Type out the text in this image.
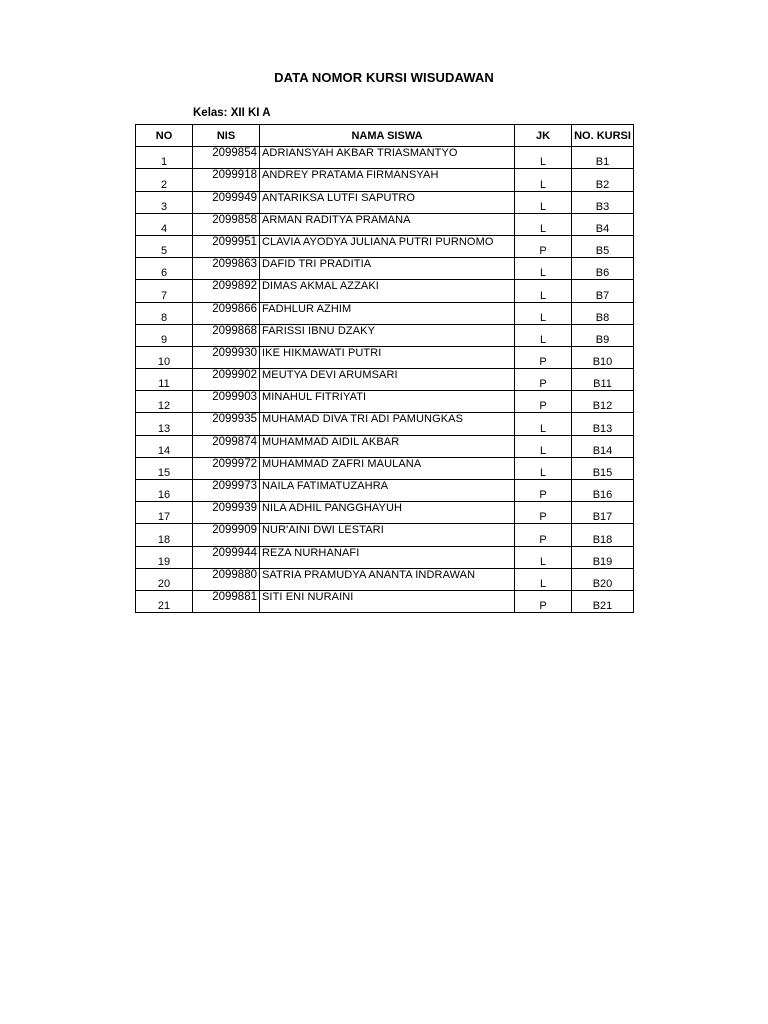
DATA NOMOR KURSI WISUDAWAN
Kelas: XII KI A
NO	NIS	NAMA SISWA	JK	NO. KURSI
1	2099854	ADRIANSYAH AKBAR TRIASMANTYO	L	B1
2	2099918	ANDREY PRATAMA FIRMANSYAH	L	B2
3	2099949	ANTARIKSA LUTFI SAPUTRO	L	B3
4	2099858	ARMAN RADITYA PRAMANA	L	B4
5	2099951	CLAVIA AYODYA JULIANA PUTRI PURNOMO	P	B5
6	2099863	DAFID TRI PRADITIA	L	B6
7	2099892	DIMAS AKMAL AZZAKI	L	B7
8	2099866	FADHLUR AZHIM	L	B8
9	2099868	FARISSI IBNU DZAKY	L	B9
10	2099930	IKE HIKMAWATI PUTRI	P	B10
11	2099902	MEUTYA DEVI ARUMSARI	P	B11
12	2099903	MINAHUL FITRIYATI	P	B12
13	2099935	MUHAMAD DIVA TRI ADI PAMUNGKAS	L	B13
14	2099874	MUHAMMAD AIDIL AKBAR	L	B14
15	2099972	MUHAMMAD ZAFRI MAULANA	L	B15
16	2099973	NAILA FATIMATUZAHRA	P	B16
17	2099939	NILA ADHIL PANGGHAYUH	P	B17
18	2099909	NUR'AINI DWI LESTARI	P	B18
19	2099944	REZA NURHANAFI	L	B19
20	2099880	SATRIA PRAMUDYA ANANTA INDRAWAN	L	B20
21	2099881	SITI ENI NURAINI	P	B21
